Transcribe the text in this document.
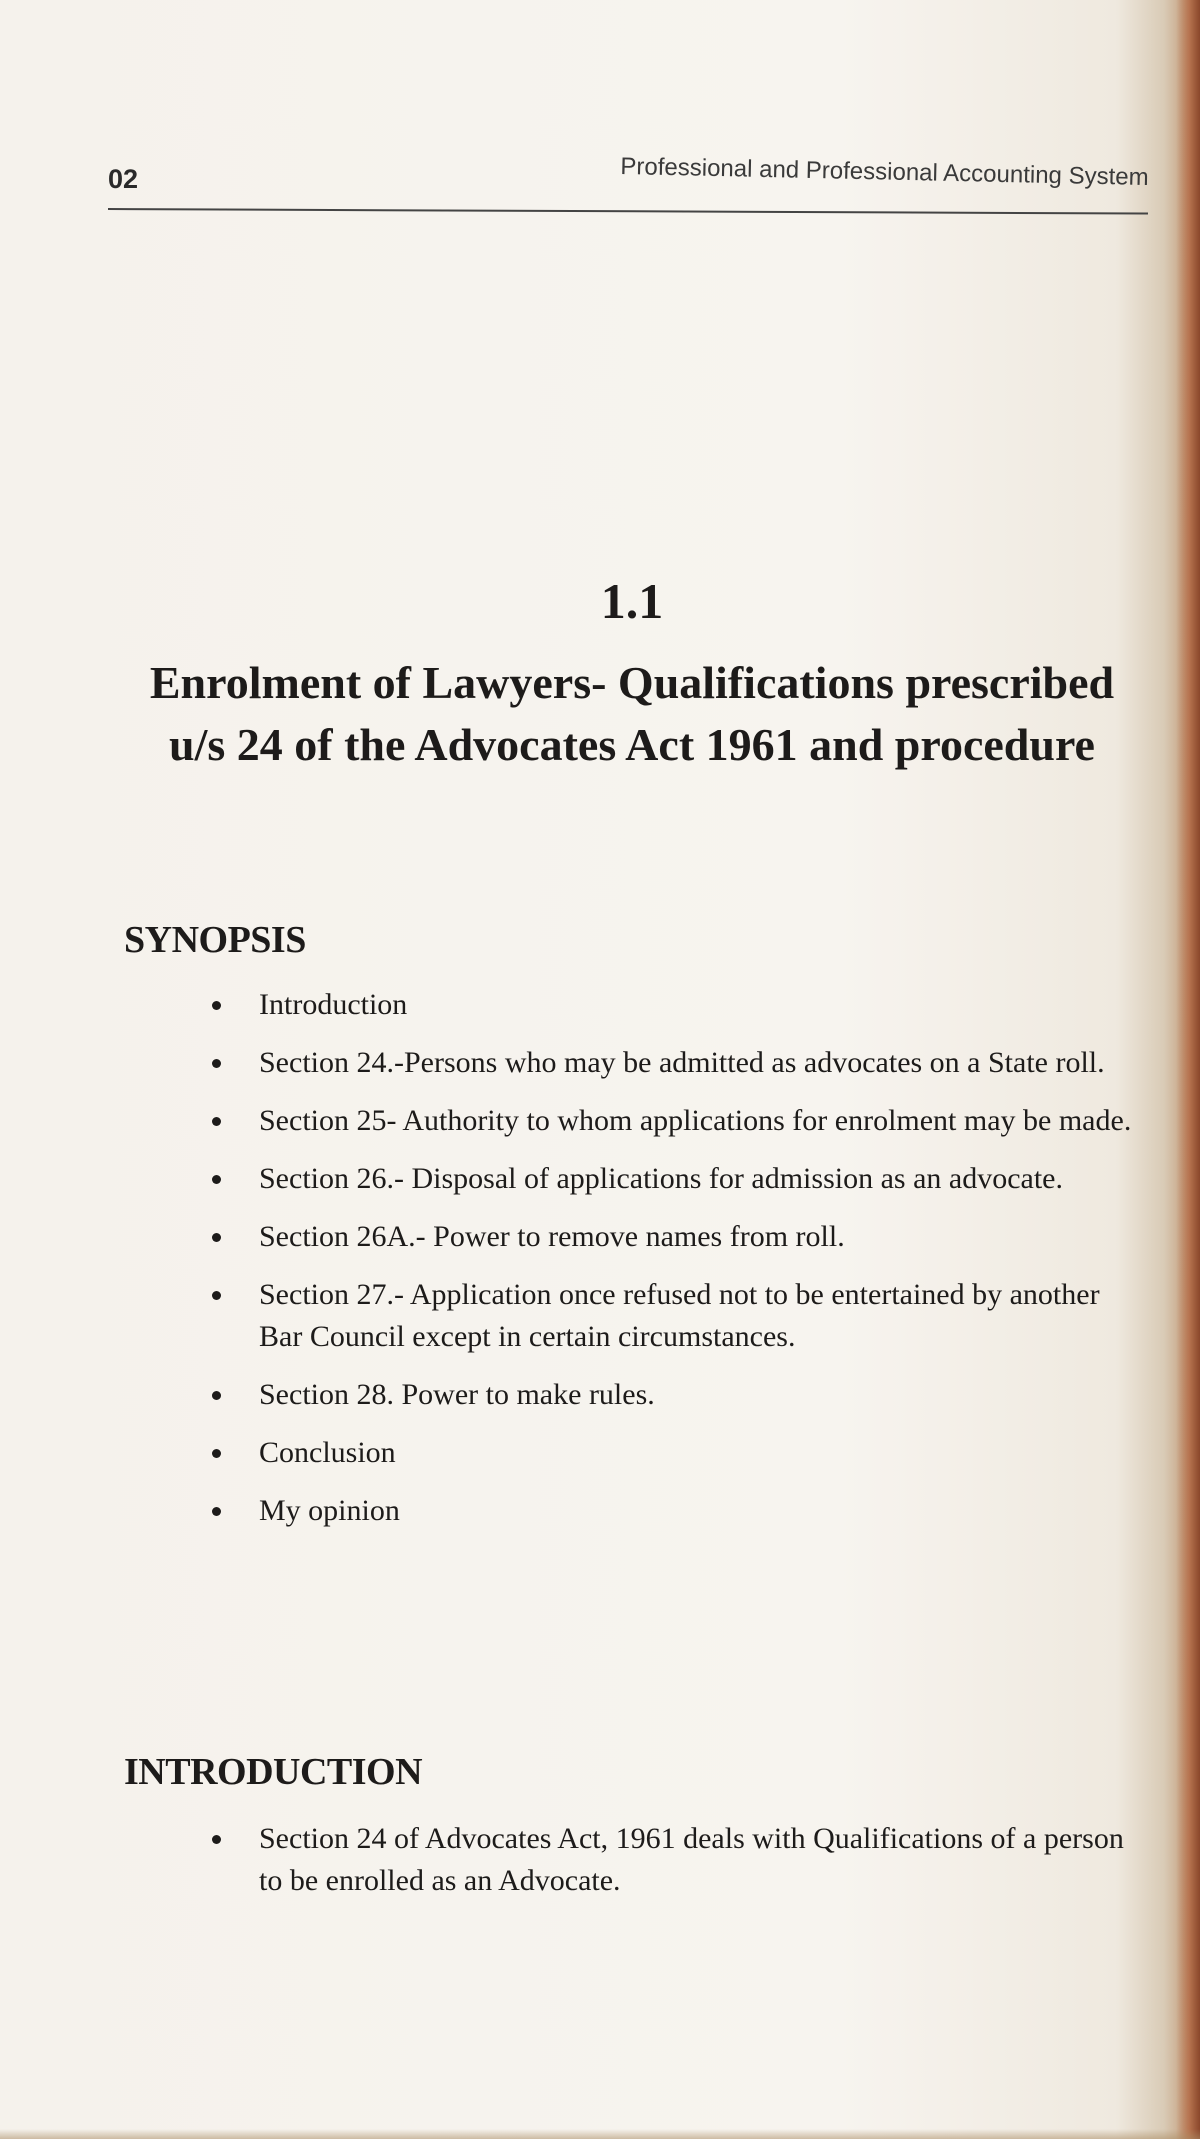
02	Professional and Professional Accounting System
1.1
Enrolment of Lawyers- Qualifications prescribed u/s 24 of the Advocates Act 1961 and procedure
SYNOPSIS
Introduction
Section 24.-Persons who may be admitted as advocates on a State roll.
Section 25- Authority to whom applications for enrolment may be made.
Section 26.- Disposal of applications for admission as an advocate.
Section 26A.- Power to remove names from roll.
Section 27.- Application once refused not to be entertained by another Bar Council except in certain circumstances.
Section 28. Power to make rules.
Conclusion
My opinion
INTRODUCTION
Section 24 of Advocates Act, 1961 deals with Qualifications of a person to be enrolled as an Advocate.
